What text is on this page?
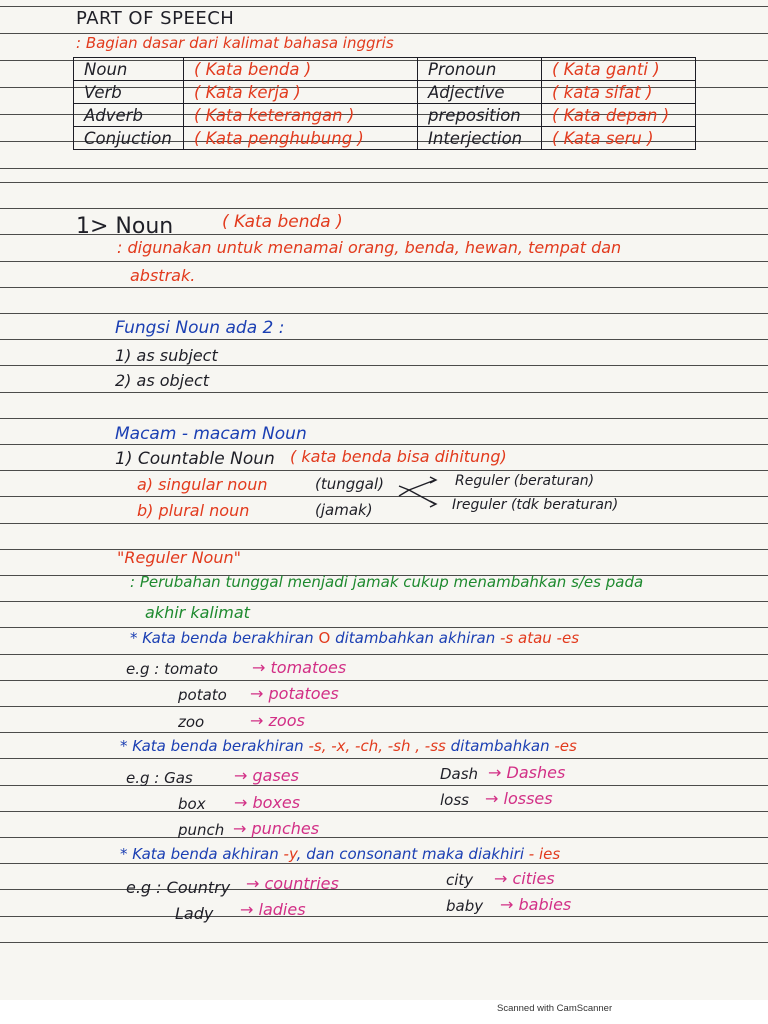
PART OF SPEECH
: Bagian dasar dari kalimat bahasa inggris
Noun	( Kata benda )	Pronoun	( Kata ganti )
Verb	( Kata kerja )	Adjective	( kata sifat )
Adverb	( Kata keterangan )	preposition	( Kata depan )
Conjuction	( Kata penghubung )	Interjection	( Kata seru )
1> Noun	( Kata benda )
: digunakan untuk menamai orang, benda, hewan, tempat dan
abstrak.
Fungsi Noun ada 2 :
1) as subject
2) as object
Macam - macam Noun
1) Countable Noun ( kata benda bisa dihitung)
a) singular noun	(tunggal)
b) plural noun	(jamak)
Reguler (beraturan)
Ireguler (tdk beraturan)
"Reguler Noun"
: Perubahan tunggal menjadi jamak cukup menambahkan s/es pada
akhir kalimat
* Kata benda berakhiran O ditambahkan akhiran -s atau -es
e.g : tomato → tomatoes
potato → potatoes
zoo	→ zoos
* Kata benda berakhiran -s, -x, -ch, -sh , -ss ditambahkan -es
e.g : Gas	→ gases
box → boxes
punch → punches
Dash → Dashes
loss → losses
* Kata benda akhiran -y, dan consonant maka diakhiri - ies
e.g : Country → countries
Lady → ladies
city → cities
baby → babies
Scanned with CamScanner
